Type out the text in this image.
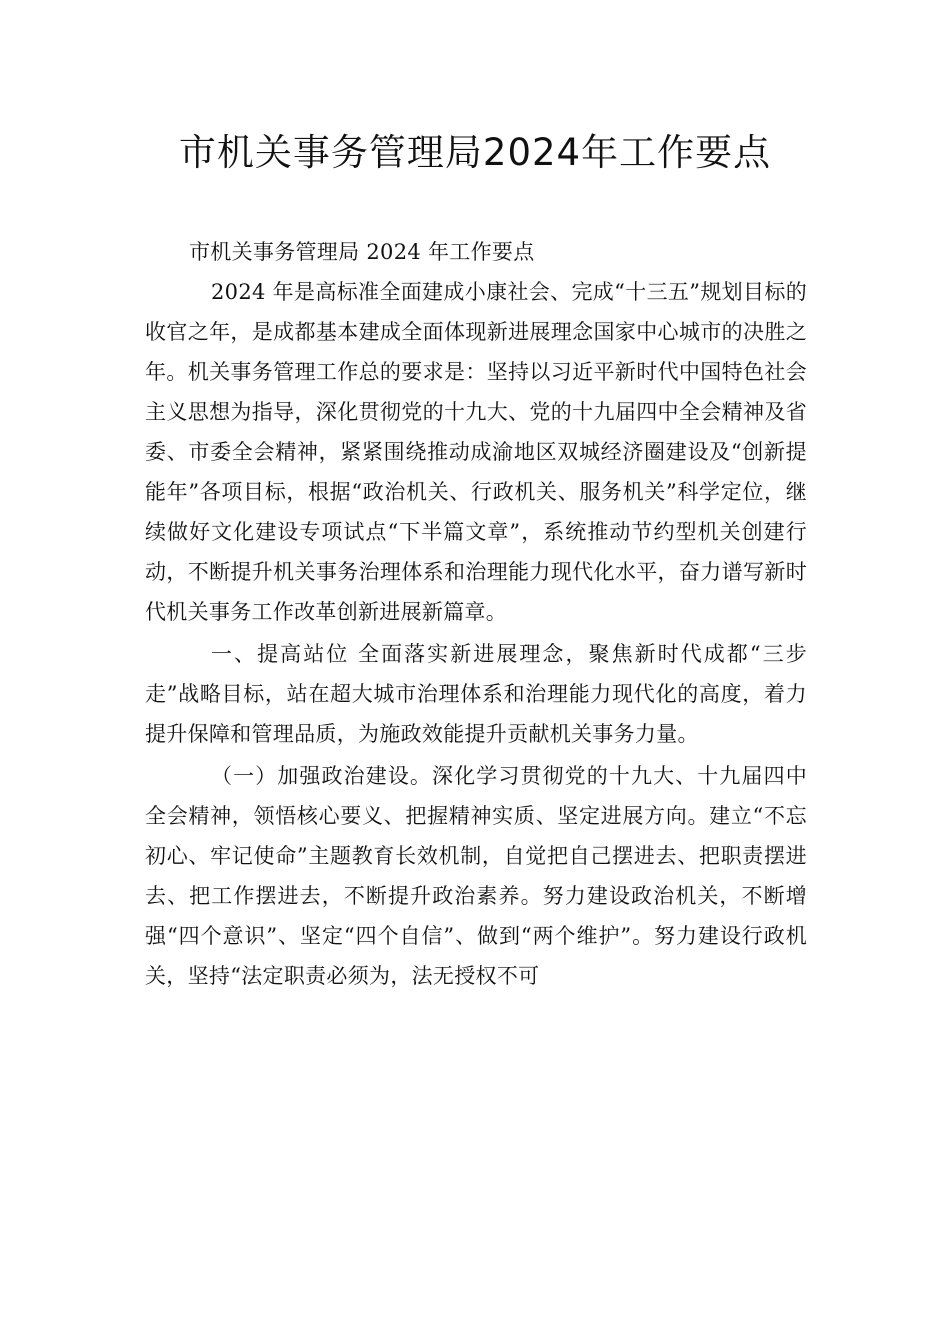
市机关事务管理局2024年工作要点

市机关事务管理局 2024 年工作要点

2024 年是高标准全面建成小康社会、完成“十三五”规划目标的收官之年，是成都基本建成全面体现新进展理念国家中心城市的决胜之年。机关事务管理工作总的要求是：坚持以习近平新时代中国特色社会主义思想为指导，深化贯彻党的十九大、党的十九届四中全会精神及省委、市委全会精神，紧紧围绕推动成渝地区双城经济圈建设及“创新提能年”各项目标，根据“政治机关、行政机关、服务机关”科学定位，继续做好文化建设专项试点“下半篇文章”，系统推动节约型机关创建行动，不断提升机关事务治理体系和治理能力现代化水平，奋力谱写新时代机关事务工作改革创新进展新篇章。

一、提高站位 全面落实新进展理念，聚焦新时代成都“三步走”战略目标，站在超大城市治理体系和治理能力现代化的高度，着力提升保障和管理品质，为施政效能提升贡献机关事务力量。

（一）加强政治建设。深化学习贯彻党的十九大、十九届四中全会精神，领悟核心要义、把握精神实质、坚定进展方向。建立“不忘初心、牢记使命”主题教育长效机制，自觉把自己摆进去、把职责摆进去、把工作摆进去，不断提升政治素养。努力建设政治机关，不断增强“四个意识”、坚定“四个自信”、做到“两个维护”。努力建设行政机关，坚持“法定职责必须为，法无授权不可
